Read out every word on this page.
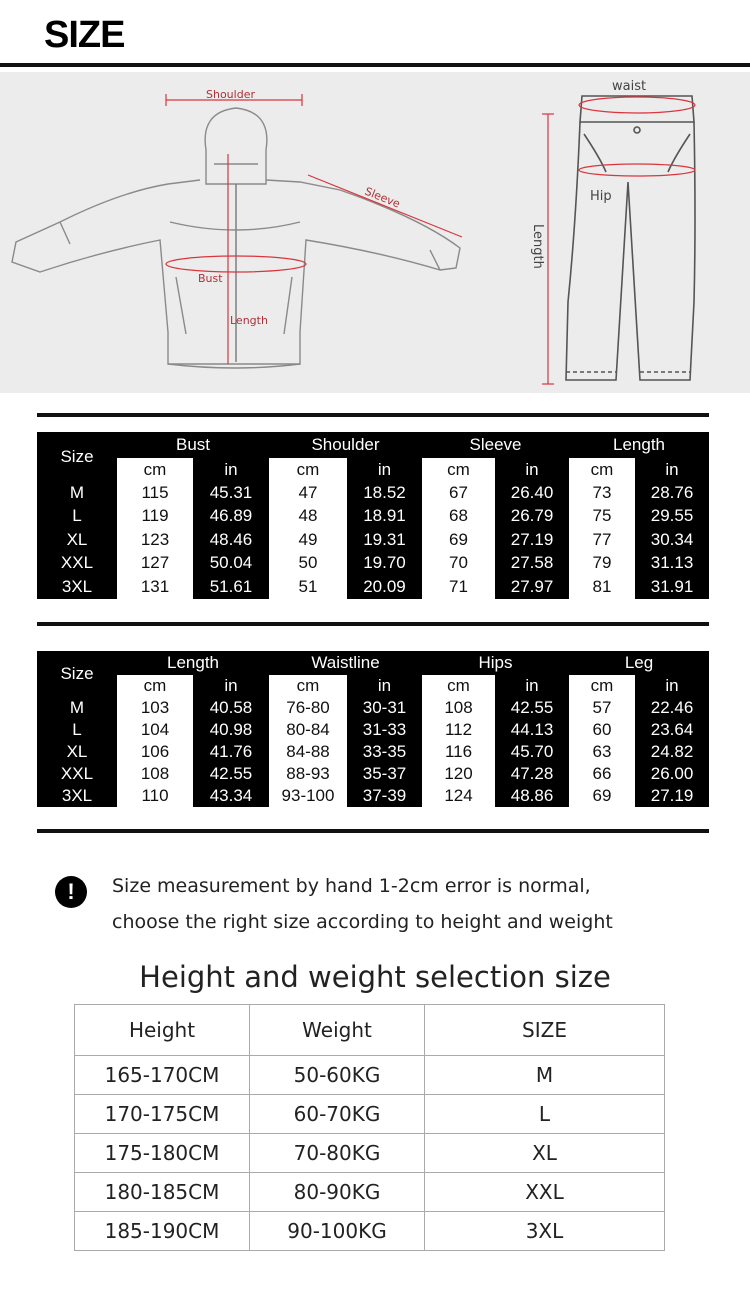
SIZE
Shoulder
Sleeve
Bust
Length
waist
Hip
Length
Size	Bust		Shoulder		Sleeve		Length	
	cm	in	cm	in	cm	in	cm	in
M	115	45.31	47	18.52	67	26.40	73	28.76
L	119	46.89	48	18.91	68	26.79	75	29.55
XL	123	48.46	49	19.31	69	27.19	77	30.34
XXL	127	50.04	50	19.70	70	27.58	79	31.13
3XL	131	51.61	51	20.09	71	27.97	81	31.91
Size	Length		Waistline		Hips		Leg	
	cm	in	cm	in	cm	in	cm	in
M	103	40.58	76-80	30-31	108	42.55	57	22.46
L	104	40.98	80-84	31-33	112	44.13	60	23.64
XL	106	41.76	84-88	33-35	116	45.70	63	24.82
XXL	108	42.55	88-93	35-37	120	47.28	66	26.00
3XL	110	43.34	93-100	37-39	124	48.86	69	27.19
!	Size measurement by hand 1-2cm error is normal,
choose the right size according to height and weight
Height and weight selection size
Height	Weight	SIZE
165-170CM	50-60KG	M
170-175CM	60-70KG	L
175-180CM	70-80KG	XL
180-185CM	80-90KG	XXL
185-190CM	90-100KG	3XL
